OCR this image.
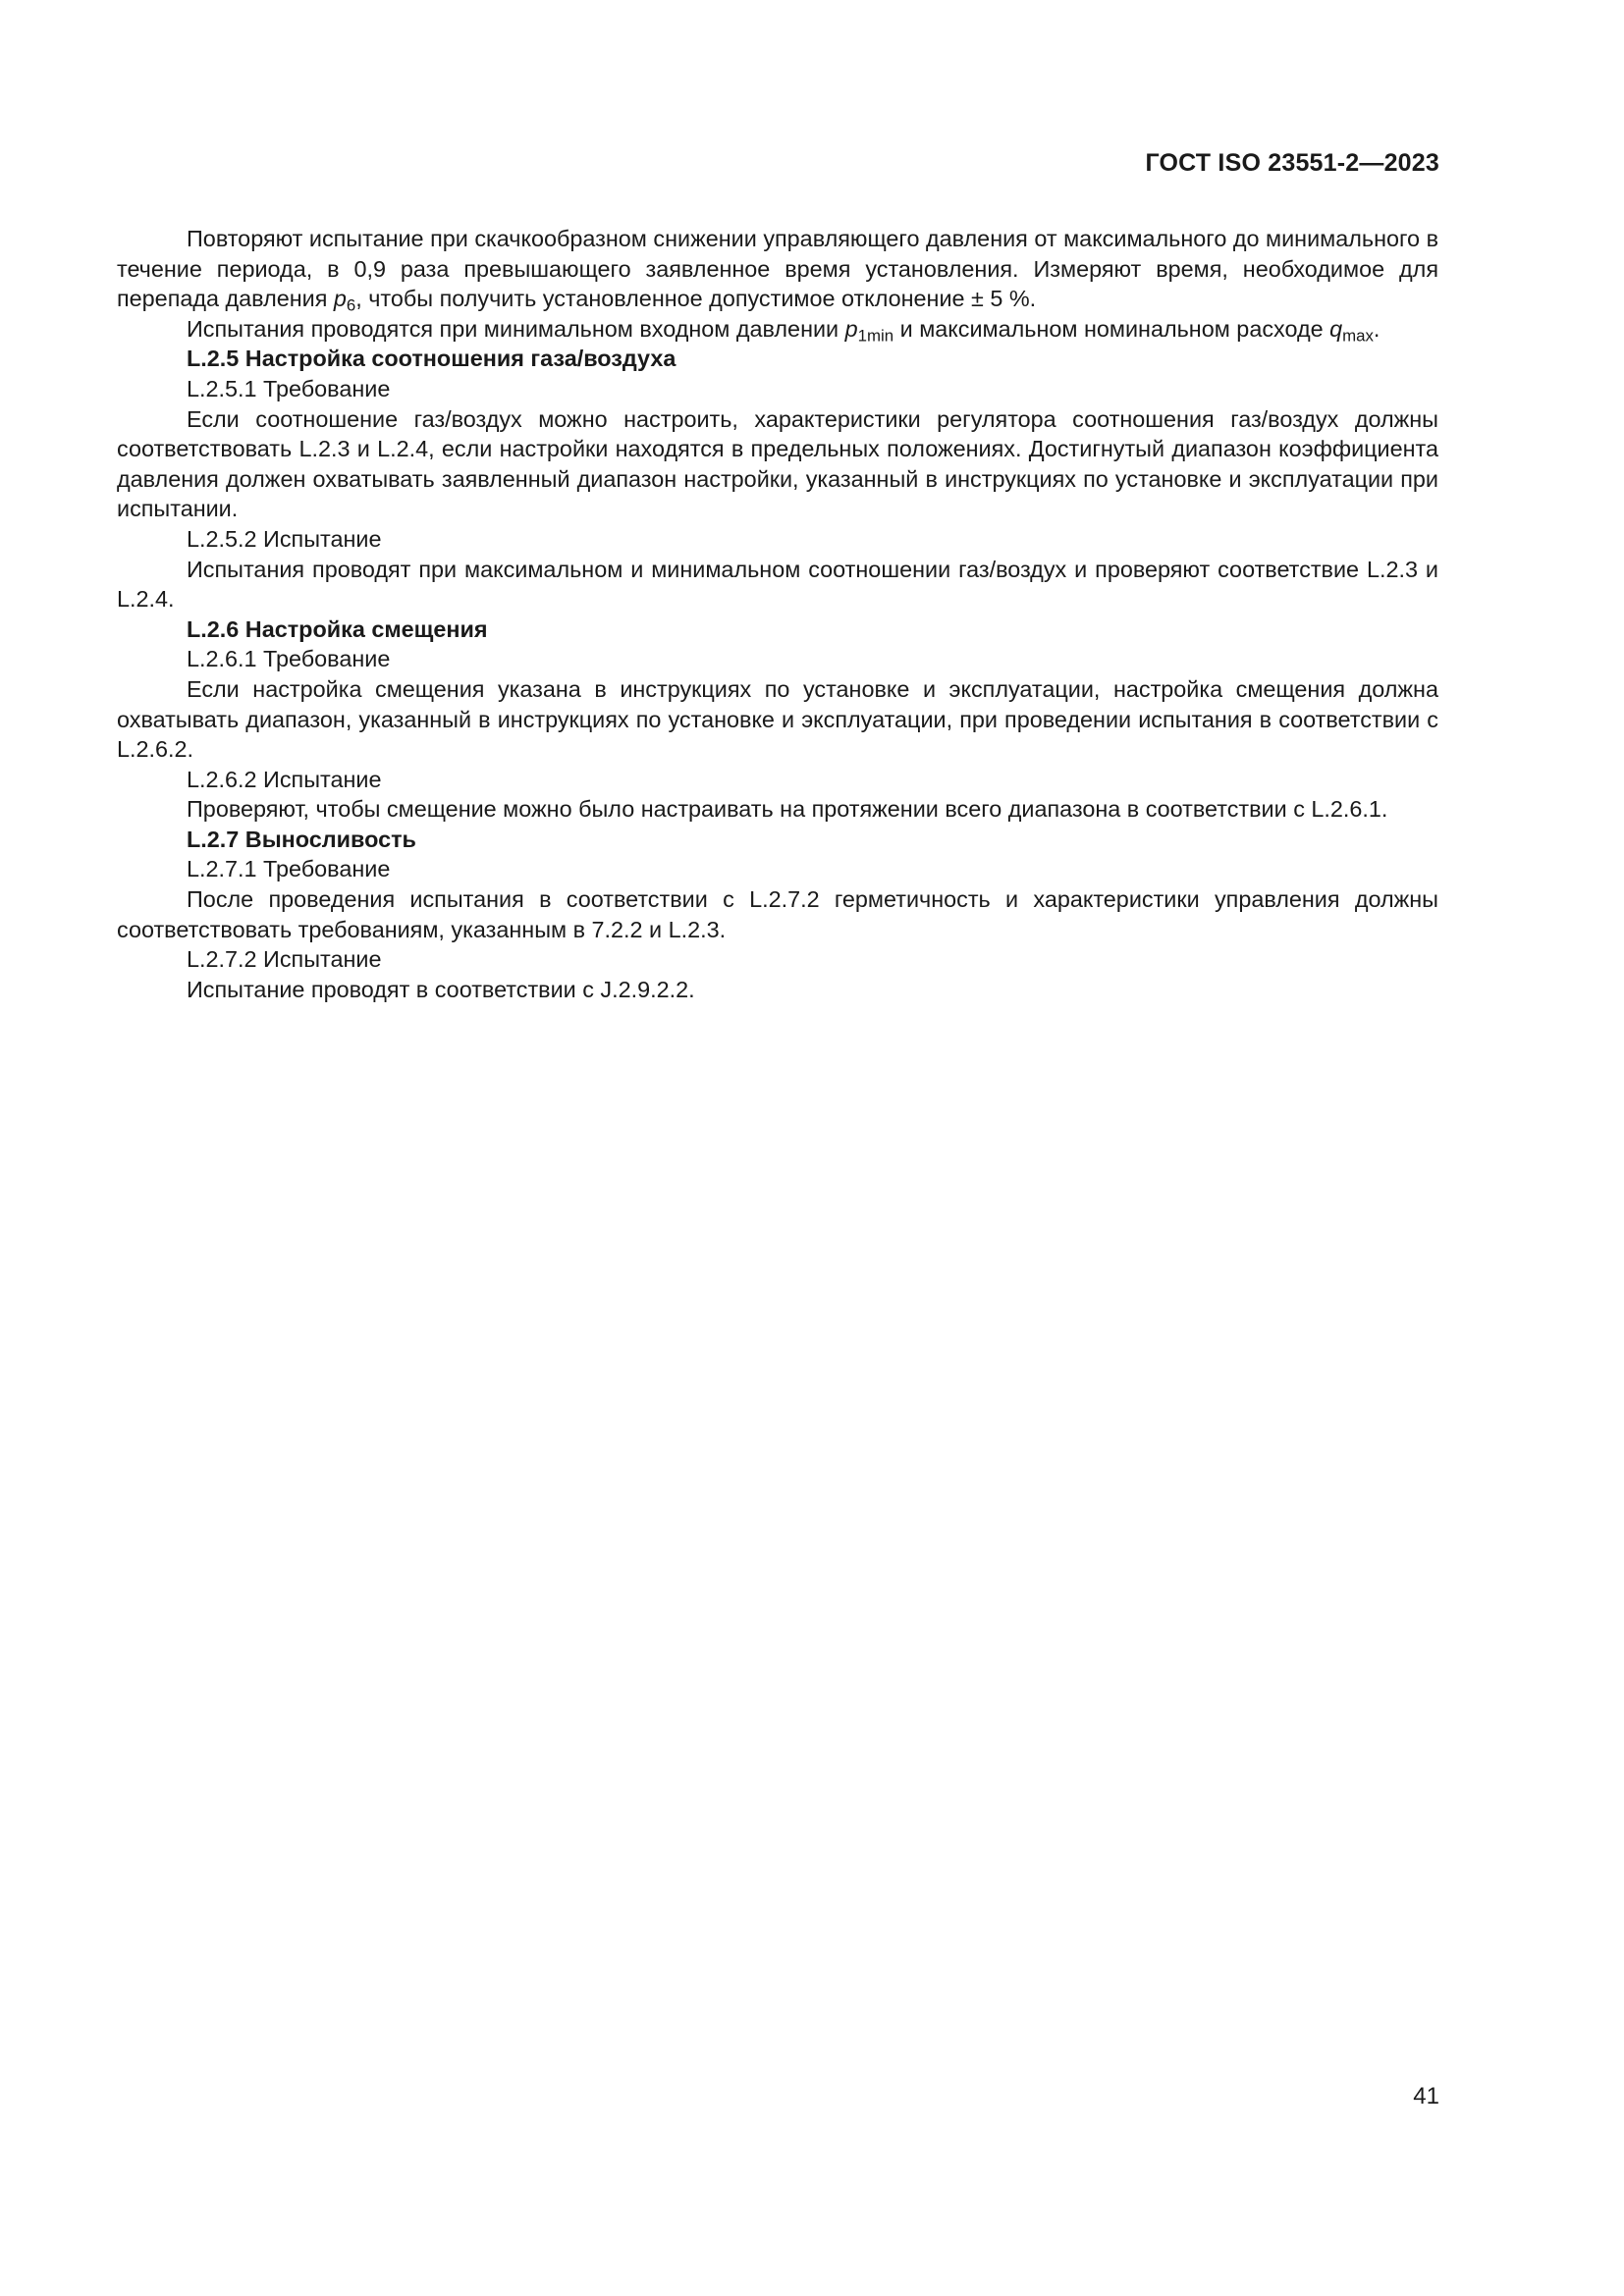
ГОСТ ISO 23551-2—2023

Повторяют испытание при скачкообразном снижении управляющего давления от максимального до минимального в течение периода, в 0,9 раза превышающего заявленное время установления. Измеряют время, необходимое для перепада давления $p_6$, чтобы получить установленное допустимое отклонение ± 5 %.

Испытания проводятся при минимальном входном давлении $p_{1min}$ и максимальном номинальном расходе $q_{max}$.

L.2.5 Настройка соотношения газа/воздуха

L.2.5.1 Требование

Если соотношение газ/воздух можно настроить, характеристики регулятора соотношения газ/воздух должны соответствовать L.2.3 и L.2.4, если настройки находятся в предельных положениях. Достигнутый диапазон коэффициента давления должен охватывать заявленный диапазон настройки, указанный в инструкциях по установке и эксплуатации при испытании.

L.2.5.2 Испытание

Испытания проводят при максимальном и минимальном соотношении газ/воздух и проверяют соответствие L.2.3 и L.2.4.

L.2.6 Настройка смещения

L.2.6.1 Требование

Если настройка смещения указана в инструкциях по установке и эксплуатации, настройка смещения должна охватывать диапазон, указанный в инструкциях по установке и эксплуатации, при проведении испытания в соответствии с L.2.6.2.

L.2.6.2 Испытание

Проверяют, чтобы смещение можно было настраивать на протяжении всего диапазона в соответствии с L.2.6.1.

L.2.7 Выносливость

L.2.7.1 Требование

После проведения испытания в соответствии с L.2.7.2 герметичность и характеристики управления должны соответствовать требованиям, указанным в 7.2.2 и L.2.3.

L.2.7.2 Испытание

Испытание проводят в соответствии с J.2.9.2.2.

41
